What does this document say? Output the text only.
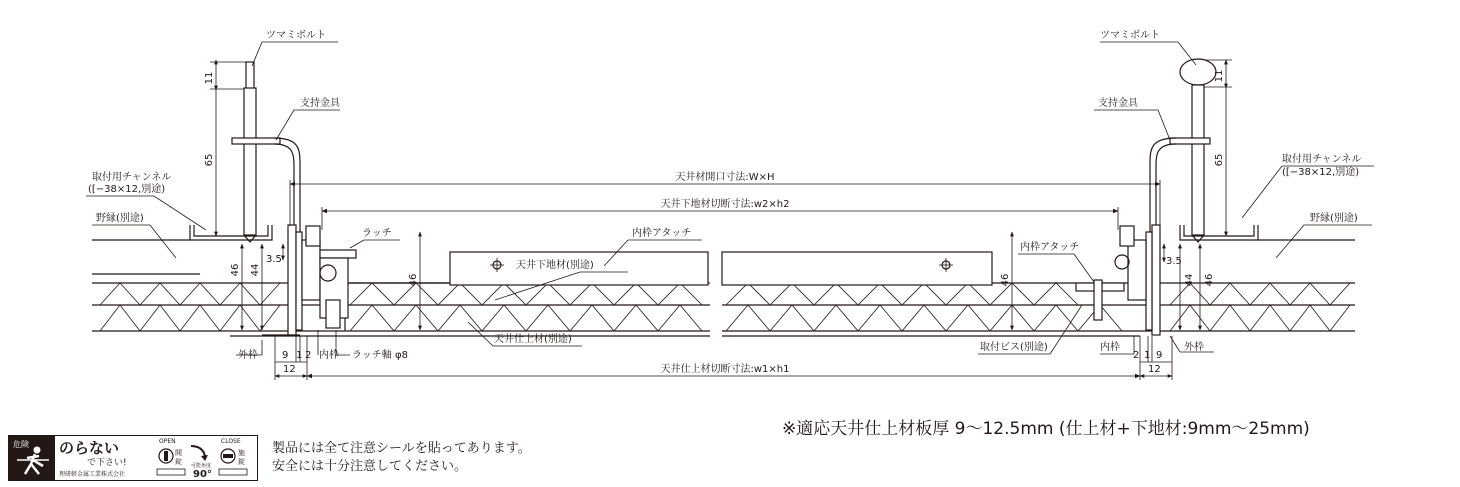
天井材開口寸法:W×H
天井下地材切断寸法:w2×h2
天井仕上材切断寸法:w1×h1
11
65
46 44
3.5
46	46
11
65
3.5
44 46
9 1 2
12
2 1 9
12
ツマミボルト
支持金具
取付用チャンネル
([−38×12,別途)
野縁(別途)
ラッチ	内枠アタッチ
天井下地材(別途)
天井仕上材(別途)
外枠	内枠 ラッチ軸 φ8
ツマミボルト
支持金具
取付用チャンネル
([−38×12,別途)
野縁(別途)
内枠アタッチ
取付ビス(別途)	内枠	外枠
※適応天井仕上材板厚 9〜12.5mm (仕上材+下地材:9mm〜25mm)
危険 のらない
で下さい!
理研軽金属工業株式会社
OPEN
開
錠 可能角度
90°
CLOSE
施
錠
製品には全て注意シールを貼ってあります。
安全には十分注意してください。
